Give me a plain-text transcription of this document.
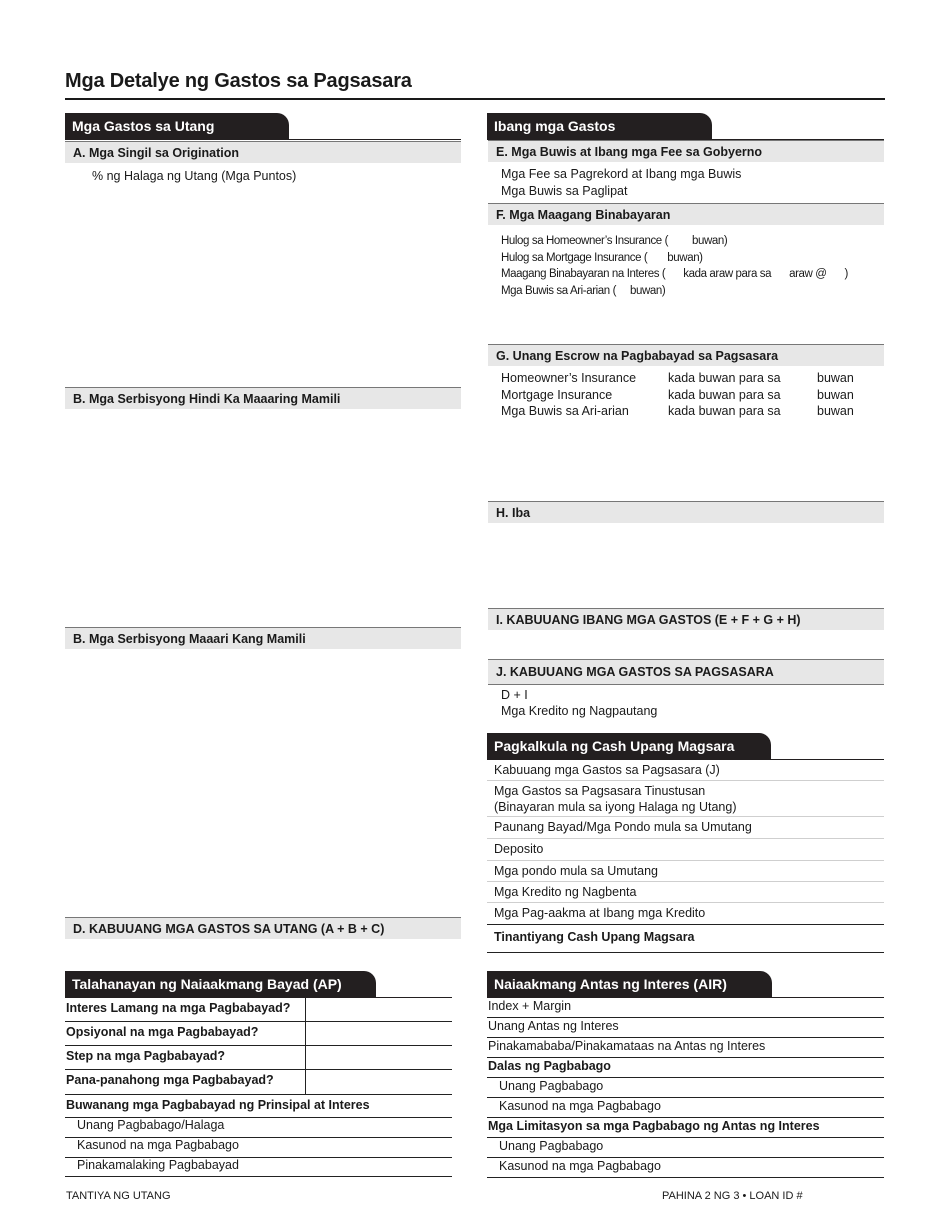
Mga Detalye ng Gastos sa Pagsasara
Mga Gastos sa Utang
A. Mga Singil sa Origination
% ng Halaga ng Utang (Mga Puntos)
B. Mga Serbisyong Hindi Ka Maaaring Mamili
B. Mga Serbisyong Maaari Kang Mamili
D. KABUUANG MGA GASTOS SA UTANG (A + B + C)
Ibang mga Gastos
E. Mga Buwis at Ibang mga Fee sa Gobyerno
Mga Fee sa Pagrekord at Ibang mga Buwis
Mga Buwis sa Paglipat
F. Mga Maagang Binabayaran
Hulog sa Homeowner’s Insurance ( buwan)
Hulog sa Mortgage Insurance ( buwan)
Maagang Binabayaran na Interes ( kada araw para sa araw @ )
Mga Buwis sa Ari-arian ( buwan)
G. Unang Escrow na Pagbabayad sa Pagsasara
Homeowner’s Insurance	kada buwan para sa	buwan
Mortgage Insurance	kada buwan para sa	buwan
Mga Buwis sa Ari-arian	kada buwan para sa	buwan
H. Iba
I. KABUUANG IBANG MGA GASTOS (E + F + G + H)
J. KABUUANG MGA GASTOS SA PAGSASARA
D + I
Mga Kredito ng Nagpautang
Pagkalkula ng Cash Upang Magsara
Kabuuang mga Gastos sa Pagsasara (J)
Mga Gastos sa Pagsasara Tinustusan
(Binayaran mula sa iyong Halaga ng Utang)
Paunang Bayad/Mga Pondo mula sa Umutang
Deposito
Mga pondo mula sa Umutang
Mga Kredito ng Nagbenta
Mga Pag-aakma at Ibang mga Kredito
Tinantiyang Cash Upang Magsara
Talahanayan ng Naiaakmang Bayad (AP)
Interes Lamang na mga Pagbabayad?
Opsiyonal na mga Pagbabayad?
Step na mga Pagbabayad?
Pana-panahong mga Pagbabayad?
Buwanang mga Pagbabayad ng Prinsipal at Interes
Unang Pagbabago/Halaga
Kasunod na mga Pagbabago
Pinakamalaking Pagbabayad
Naiaakmang Antas ng Interes (AIR)
Index + Margin
Unang Antas ng Interes
Pinakamababa/Pinakamataas na Antas ng Interes
Dalas ng Pagbabago
Unang Pagbabago
Kasunod na mga Pagbabago
Mga Limitasyon sa mga Pagbabago ng Antas ng Interes
Unang Pagbabago
Kasunod na mga Pagbabago
TANTIYA NG UTANG	PAHINA 2 NG 3 • LOAN ID #
